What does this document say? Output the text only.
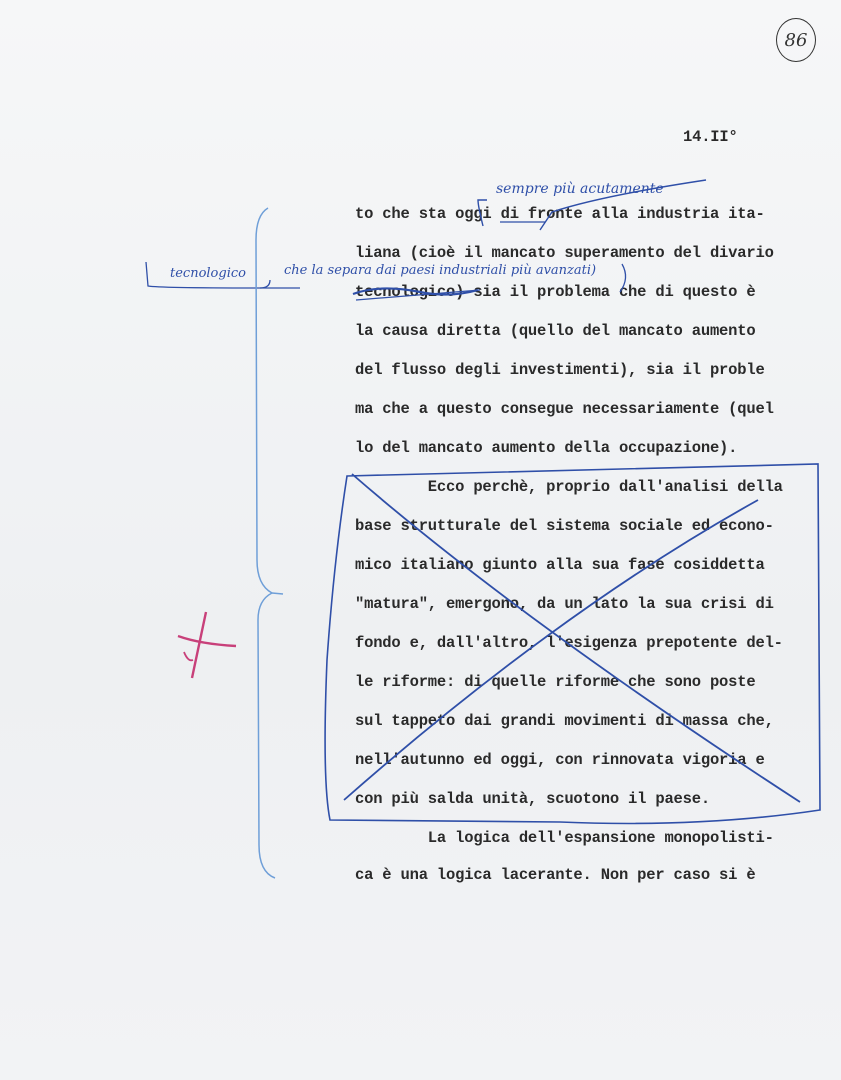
86
14.II°
sempre più acutamente
tecnologico	che la separa dai paesi industriali più avanzati)
to che sta oggi di fronte alla industria ita-
liana (cioè il mancato superamento del divario
tecnologico) sia il problema che di questo è
la causa diretta (quello del mancato aumento
del flusso degli investimenti), sia il proble
ma che a questo consegue necessariamente (quel
lo del mancato aumento della occupazione).
Ecco perchè, proprio dall'analisi della
base strutturale del sistema sociale ed econo-
mico italiano giunto alla sua fase cosiddetta
"matura", emergono, da un lato la sua crisi di
fondo e, dall'altro, l'esigenza prepotente del-
le riforme: di quelle riforme che sono poste
sul tappeto dai grandi movimenti di massa che,
nell'autunno ed oggi, con rinnovata vigoria e
con più salda unità, scuotono il paese.
La logica dell'espansione monopolisti-
ca è una logica lacerante. Non per caso si è
